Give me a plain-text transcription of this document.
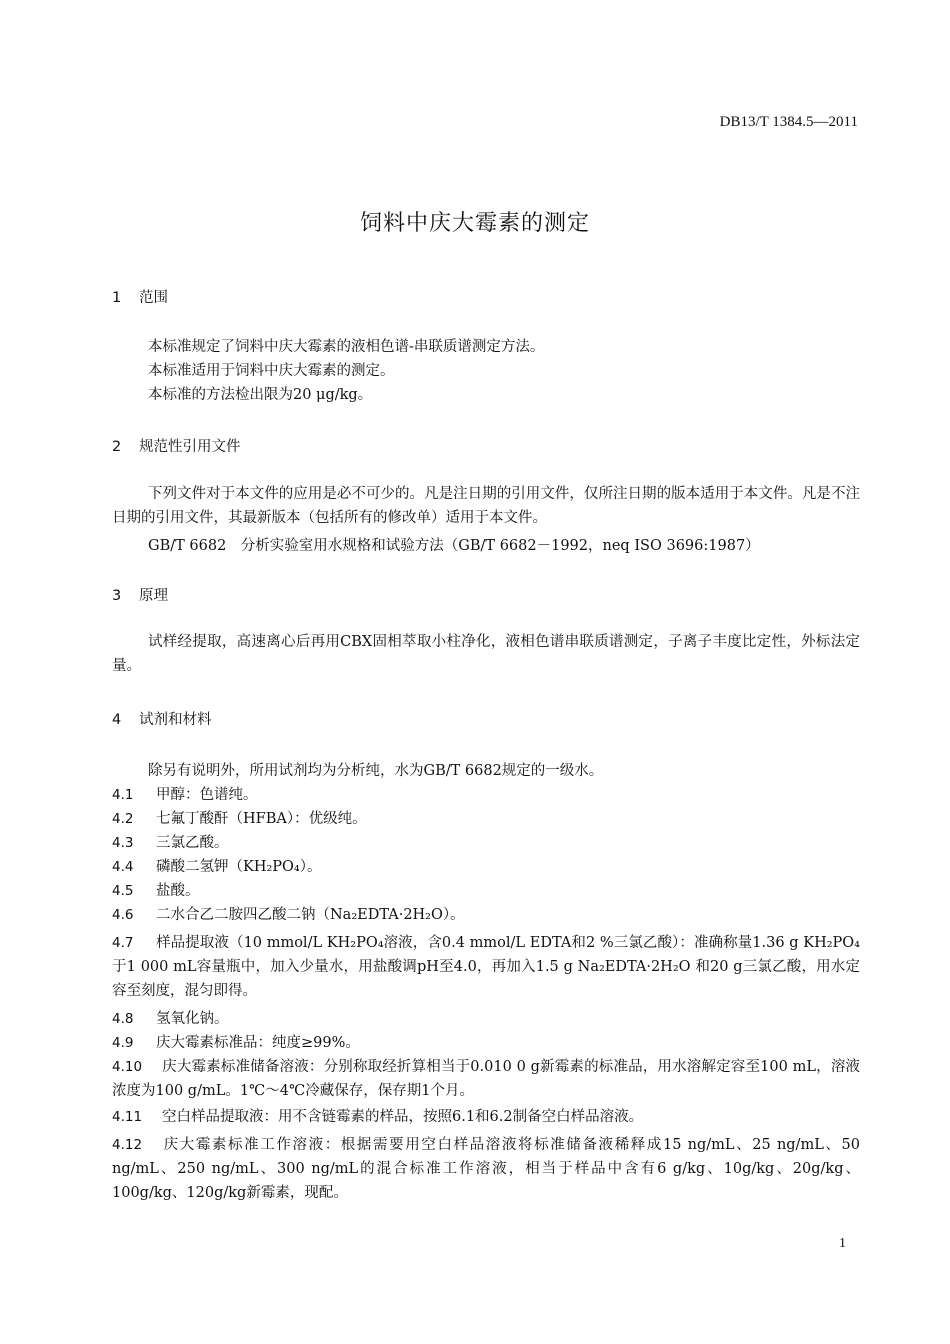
DB13/T 1384.5—2011
饲料中庆大霉素的测定
1 范围
本标准规定了饲料中庆大霉素的液相色谱-串联质谱测定方法。
本标准适用于饲料中庆大霉素的测定。
本标准的方法检出限为20 μg/kg。
2 规范性引用文件
下列文件对于本文件的应用是必不可少的。凡是注日期的引用文件，仅所注日期的版本适用于本文件。凡是不注日期的引用文件，其最新版本（包括所有的修改单）适用于本文件。
GB/T 6682　分析实验室用水规格和试验方法（GB/T 6682－1992，neq ISO 3696:1987）
3 原理
试样经提取，高速离心后再用CBX固相萃取小柱净化，液相色谱串联质谱测定，子离子丰度比定性，外标法定量。
4 试剂和材料
除另有说明外，所用试剂均为分析纯，水为GB/T 6682规定的一级水。
4.1 甲醇：色谱纯。
4.2 七氟丁酸酐（HFBA）：优级纯。
4.3 三氯乙酸。
4.4 磷酸二氢钾（KH₂PO₄）。
4.5 盐酸。
4.6 二水合乙二胺四乙酸二钠（Na₂EDTA·2H₂O）。
4.7 样品提取液（10 mmol/L KH₂PO₄溶液，含0.4 mmol/L EDTA和2 %三氯乙酸）：准确称量1.36 g KH₂PO₄于1 000 mL容量瓶中，加入少量水，用盐酸调pH至4.0，再加入1.5 g Na₂EDTA·2H₂O 和20 g三氯乙酸，用水定容至刻度，混匀即得。
4.8 氢氧化钠。
4.9 庆大霉素标准品：纯度≥99%。
4.10 庆大霉素标准储备溶液：分别称取经折算相当于0.010 0 g新霉素的标准品，用水溶解定容至100 mL，溶液浓度为100 g/mL。1℃～4℃冷藏保存，保存期1个月。
4.11 空白样品提取液：用不含链霉素的样品，按照6.1和6.2制备空白样品溶液。
4.12 庆大霉素标准工作溶液：根据需要用空白样品溶液将标准储备液稀释成15 ng/mL、25 ng/mL、50 ng/mL、250 ng/mL、300 ng/mL的混合标准工作溶液，相当于样品中含有6 g/kg、10g/kg、20g/kg、100g/kg、120g/kg新霉素，现配。
1
